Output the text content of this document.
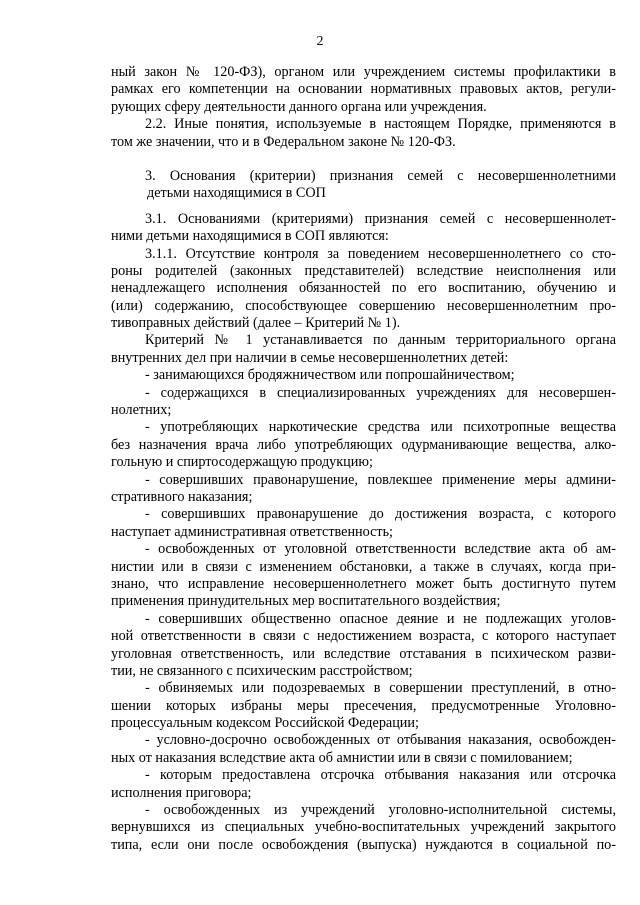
2
ный закон № 120-ФЗ), органом или учреждением системы профилактики в
рамках его компетенции на основании нормативных правовых актов, регули-
рующих сферу деятельности данного органа или учреждения.
2.2. Иные понятия, используемые в настоящем Порядке, применяются в
том же значении, что и в Федеральном законе № 120-ФЗ.
3. Основания (критерии) признания семей с несовершеннолетними
детьми находящимися в СОП
3.1. Основаниями (критериями) признания семей с несовершеннолет-
ними детьми находящимися в СОП являются:
3.1.1. Отсутствие контроля за поведением несовершеннолетнего со сто-
роны родителей (законных представителей) вследствие неисполнения или
ненадлежащего исполнения обязанностей по его воспитанию, обучению и
(или) содержанию, способствующее совершению несовершеннолетним про-
тивоправных действий (далее – Критерий № 1).
Критерий № 1 устанавливается по данным территориального органа
внутренних дел при наличии в семье несовершеннолетних детей:
- занимающихся бродяжничеством или попрошайничеством;
- содержащихся в специализированных учреждениях для несовершен-
нолетних;
- употребляющих наркотические средства или психотропные вещества
без назначения врача либо употребляющих одурманивающие вещества, алко-
гольную и спиртосодержащую продукцию;
- совершивших правонарушение, повлекшее применение меры админи-
стративного наказания;
- совершивших правонарушение до достижения возраста, с которого
наступает административная ответственность;
- освобожденных от уголовной ответственности вследствие акта об ам-
нистии или в связи с изменением обстановки, а также в случаях, когда при-
знано, что исправление несовершеннолетнего может быть достигнуто путем
применения принудительных мер воспитательного воздействия;
- совершивших общественно опасное деяние и не подлежащих уголов-
ной ответственности в связи с недостижением возраста, с которого наступает
уголовная ответственность, или вследствие отставания в психическом разви-
тии, не связанного с психическим расстройством;
- обвиняемых или подозреваемых в совершении преступлений, в отно-
шении которых избраны меры пресечения, предусмотренные Уголовно-
процессуальным кодексом Российской Федерации;
- условно-досрочно освобожденных от отбывания наказания, освобожден-
ных от наказания вследствие акта об амнистии или в связи с помилованием;
- которым предоставлена отсрочка отбывания наказания или отсрочка
исполнения приговора;
- освобожденных из учреждений уголовно-исполнительной системы,
вернувшихся из специальных учебно-воспитательных учреждений закрытого
типа, если они после освобождения (выпуска) нуждаются в социальной по-
